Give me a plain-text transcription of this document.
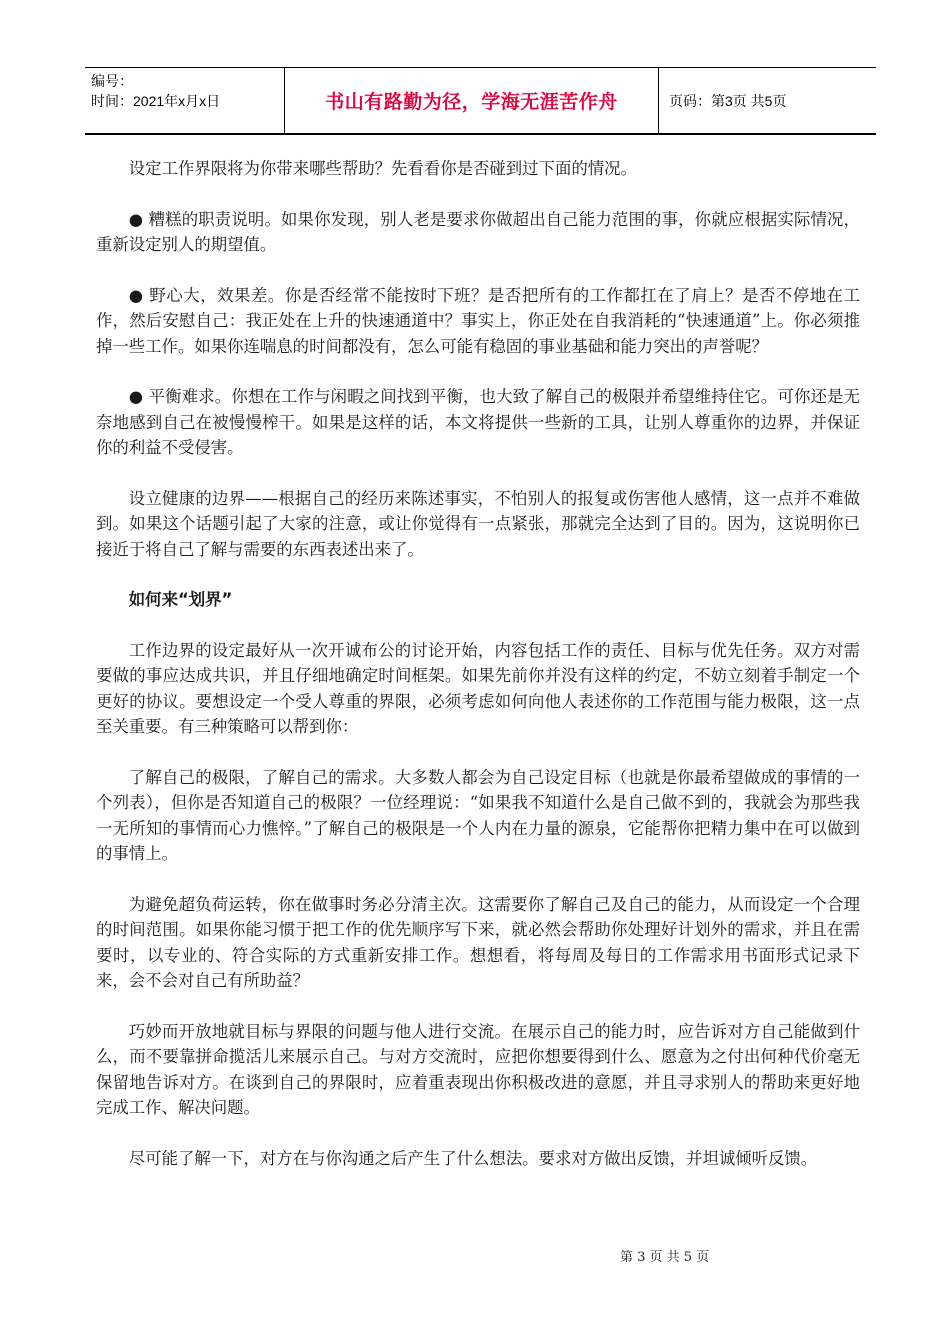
编号：
时间：2021年x月x日	书山有路勤为径，学海无涯苦作舟	页码：第3页 共5页

设定工作界限将为你带来哪些帮助？先看看你是否碰到过下面的情况。

● 糟糕的职责说明。如果你发现，别人老是要求你做超出自己能力范围的事，你就应根据实际情况，重新设定别人的期望值。

● 野心大，效果差。你是否经常不能按时下班？是否把所有的工作都扛在了肩上？是否不停地在工作，然后安慰自己：我正处在上升的快速通道中？事实上，你正处在自我消耗的“快速通道”上。你必须推掉一些工作。如果你连喘息的时间都没有，怎么可能有稳固的事业基础和能力突出的声誉呢？

● 平衡难求。你想在工作与闲暇之间找到平衡，也大致了解自己的极限并希望维持住它。可你还是无奈地感到自己在被慢慢榨干。如果是这样的话，本文将提供一些新的工具，让别人尊重你的边界，并保证你的利益不受侵害。

设立健康的边界——根据自己的经历来陈述事实，不怕别人的报复或伤害他人感情，这一点并不难做到。如果这个话题引起了大家的注意，或让你觉得有一点紧张，那就完全达到了目的。因为，这说明你已接近于将自己了解与需要的东西表述出来了。

如何来“划界”

工作边界的设定最好从一次开诚布公的讨论开始，内容包括工作的责任、目标与优先任务。双方对需要做的事应达成共识，并且仔细地确定时间框架。如果先前你并没有这样的约定，不妨立刻着手制定一个更好的协议。要想设定一个受人尊重的界限，必须考虑如何向他人表述你的工作范围与能力极限，这一点至关重要。有三种策略可以帮到你：

了解自己的极限，了解自己的需求。大多数人都会为自己设定目标（也就是你最希望做成的事情的一个列表），但你是否知道自己的极限？一位经理说：“如果我不知道什么是自己做不到的，我就会为那些我一无所知的事情而心力憔悴。”了解自己的极限是一个人内在力量的源泉，它能帮你把精力集中在可以做到的事情上。

为避免超负荷运转，你在做事时务必分清主次。这需要你了解自己及自己的能力，从而设定一个合理的时间范围。如果你能习惯于把工作的优先顺序写下来，就必然会帮助你处理好计划外的需求，并且在需要时，以专业的、符合实际的方式重新安排工作。想想看，将每周及每日的工作需求用书面形式记录下来，会不会对自己有所助益？

巧妙而开放地就目标与界限的问题与他人进行交流。在展示自己的能力时，应告诉对方自己能做到什么，而不要靠拼命揽活儿来展示自己。与对方交流时，应把你想要得到什么、愿意为之付出何种代价毫无保留地告诉对方。在谈到自己的界限时，应着重表现出你积极改进的意愿，并且寻求别人的帮助来更好地完成工作、解决问题。

尽可能了解一下，对方在与你沟通之后产生了什么想法。要求对方做出反馈，并坦诚倾听反馈。

第 3 页 共 5 页
